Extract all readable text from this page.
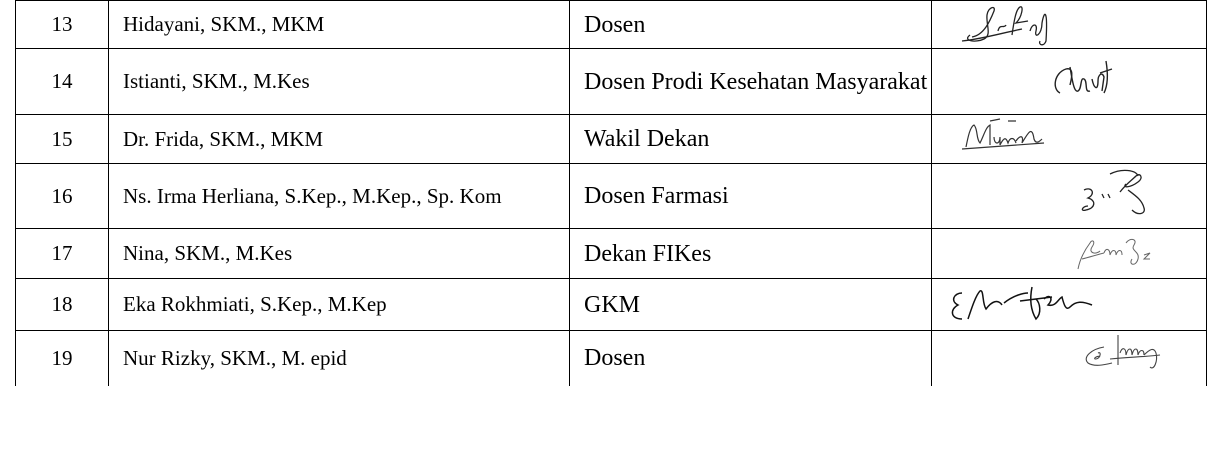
13	Hidayani, SKM., MKM	Dosen	

14	Istianti, SKM., M.Kes	Dosen Prodi Kesehatan Masyarakat	

15	Dr. Frida, SKM., MKM	Wakil Dekan	

16	Ns. Irma Herliana, S.Kep., M.Kep., Sp. Kom	Dosen Farmasi	

17	Nina, SKM., M.Kes	Dekan FIKes	

18	Eka Rokhmiati, S.Kep., M.Kep	GKM	

19	Nur Rizky, SKM., M. epid	Dosen	
